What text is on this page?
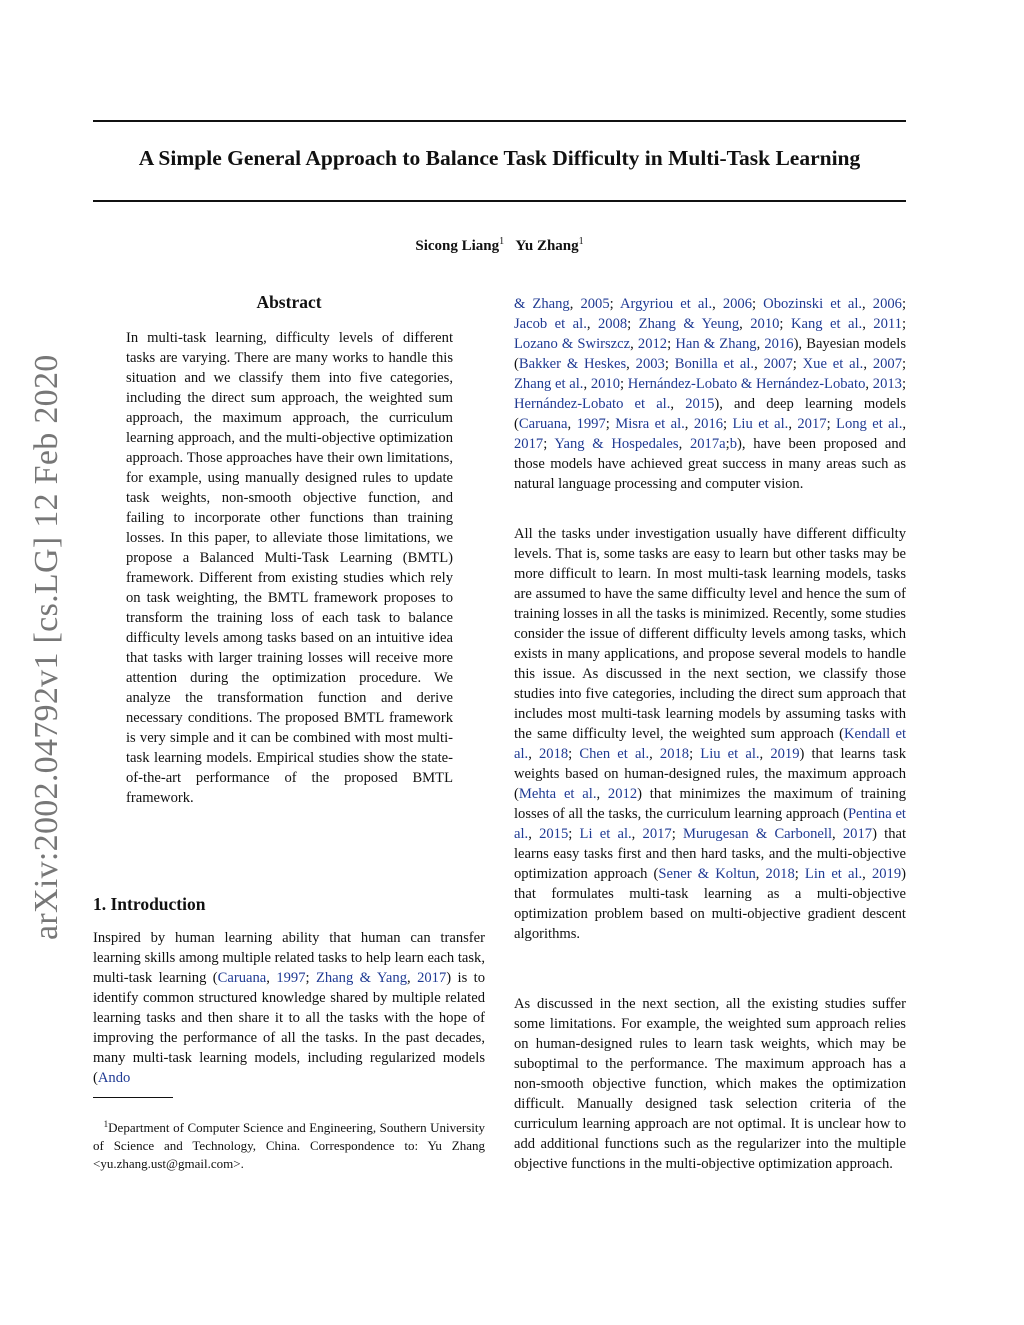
A Simple General Approach to Balance Task Difficulty in Multi-Task Learning
Sicong Liang$^1$ Yu Zhang$^1$
arXiv:2002.04792v1 [cs.LG] 12 Feb 2020
Abstract

In multi-task learning, difficulty levels of different tasks are varying. There are many works to handle this situation and we classify them into five categories, including the direct sum approach, the weighted sum approach, the maximum approach, the curriculum learning approach, and the multi-objective optimization approach. Those approaches have their own limitations, for example, using manually designed rules to update task weights, non-smooth objective function, and failing to incorporate other functions than training losses. In this paper, to alleviate those limitations, we propose a Balanced Multi-Task Learning (BMTL) framework. Different from existing studies which rely on task weighting, the BMTL framework proposes to transform the training loss of each task to balance difficulty levels among tasks based on an intuitive idea that tasks with larger training losses will receive more attention during the optimization procedure. We analyze the transformation function and derive necessary conditions. The proposed BMTL framework is very simple and it can be combined with most multi-task learning models. Empirical studies show the state-of-the-art performance of the proposed BMTL framework.

1. Introduction

Inspired by human learning ability that human can transfer learning skills among multiple related tasks to help learn each task, multi-task learning (Caruana, 1997; Zhang & Yang, 2017) is to identify common structured knowledge shared by multiple related learning tasks and then share it to all the tasks with the hope of improving the performance of all the tasks. In the past decades, many multi-task learning models, including regularized models (Ando

$^1$Department of Computer Science and Engineering, Southern University of Science and Technology, China. Correspondence to: Yu Zhang <yu.zhang.ust@gmail.com>.

& Zhang, 2005; Argyriou et al., 2006; Obozinski et al., 2006; Jacob et al., 2008; Zhang & Yeung, 2010; Kang et al., 2011; Lozano & Swirszcz, 2012; Han & Zhang, 2016), Bayesian models (Bakker & Heskes, 2003; Bonilla et al., 2007; Xue et al., 2007; Zhang et al., 2010; Hernández-Lobato & Hernández-Lobato, 2013; Hernández-Lobato et al., 2015), and deep learning models (Caruana, 1997; Misra et al., 2016; Liu et al., 2017; Long et al., 2017; Yang & Hospedales, 2017a;b), have been proposed and those models have achieved great success in many areas such as natural language processing and computer vision.

All the tasks under investigation usually have different difficulty levels. That is, some tasks are easy to learn but other tasks may be more difficult to learn. In most multi-task learning models, tasks are assumed to have the same difficulty level and hence the sum of training losses in all the tasks is minimized. Recently, some studies consider the issue of different difficulty levels among tasks, which exists in many applications, and propose several models to handle this issue. As discussed in the next section, we classify those studies into five categories, including the direct sum approach that includes most multi-task learning models by assuming tasks with the same difficulty level, the weighted sum approach (Kendall et al., 2018; Chen et al., 2018; Liu et al., 2019) that learns task weights based on human-designed rules, the maximum approach (Mehta et al., 2012) that minimizes the maximum of training losses of all the tasks, the curriculum learning approach (Pentina et al., 2015; Li et al., 2017; Murugesan & Carbonell, 2017) that learns easy tasks first and then hard tasks, and the multi-objective optimization approach (Sener & Koltun, 2018; Lin et al., 2019) that formulates multi-task learning as a multi-objective optimization problem based on multi-objective gradient descent algorithms.

As discussed in the next section, all the existing studies suffer some limitations. For example, the weighted sum approach relies on human-designed rules to learn task weights, which may be suboptimal to the performance. The maximum approach has a non-smooth objective function, which makes the optimization difficult. Manually designed task selection criteria of the curriculum learning approach are not optimal. It is unclear how to add additional functions such as the regularizer into the multiple objective functions in the multi-objective optimization approach.
